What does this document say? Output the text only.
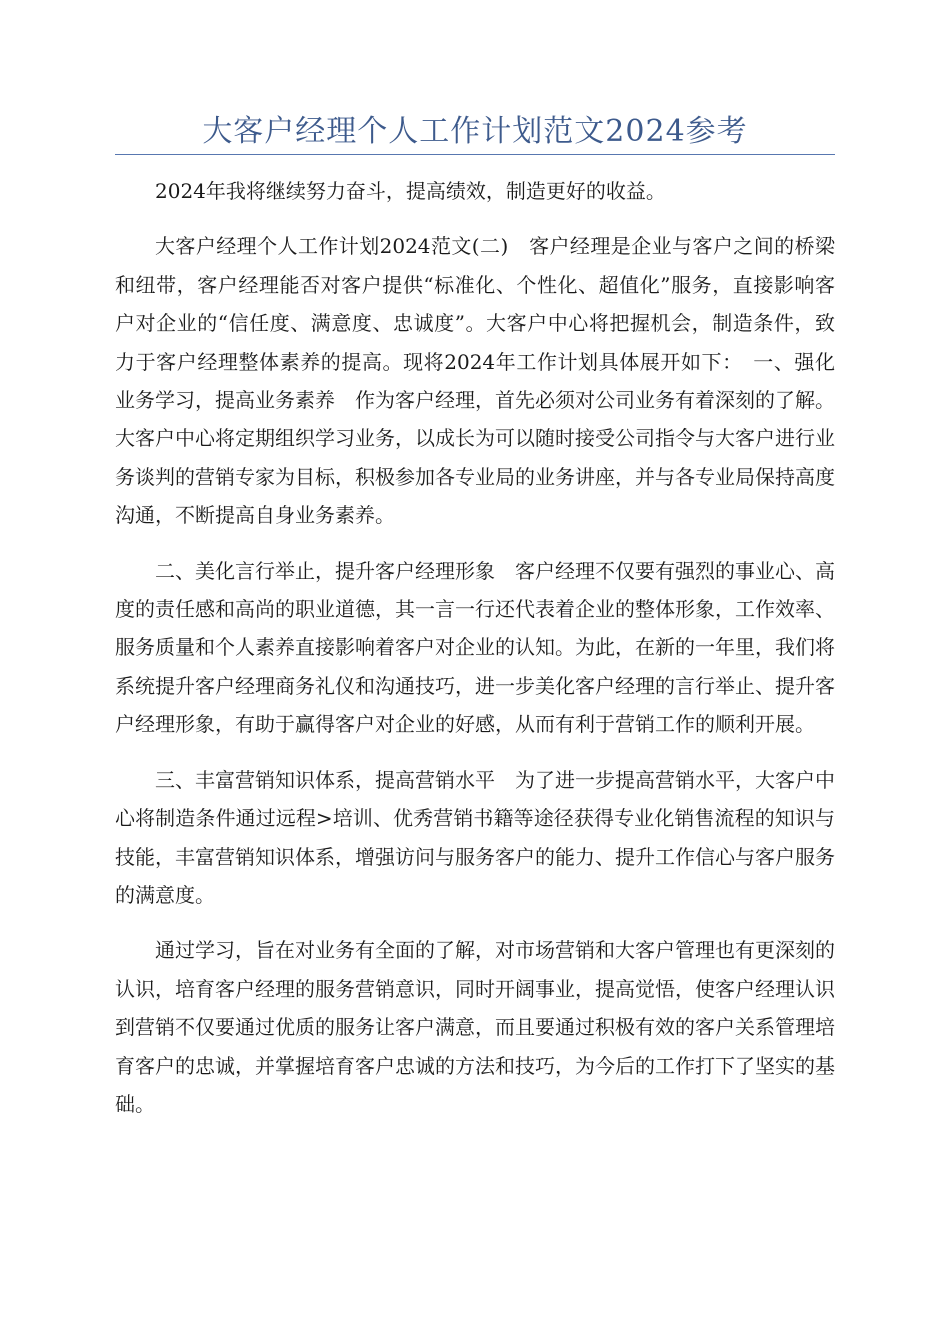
大客户经理个人工作计划范文2024参考

2024年我将继续努力奋斗，提高绩效，制造更好的收益。

大客户经理个人工作计划2024范文(二)　客户经理是企业与客户之间的桥梁和纽带，客户经理能否对客户提供“标准化、个性化、超值化”服务，直接影响客户对企业的“信任度、满意度、忠诚度”。大客户中心将把握机会，制造条件，致力于客户经理整体素养的提高。现将2024年工作计划具体展开如下：　一、强化业务学习，提高业务素养　作为客户经理，首先必须对公司业务有着深刻的了解。大客户中心将定期组织学习业务，以成长为可以随时接受公司指令与大客户进行业务谈判的营销专家为目标，积极参加各专业局的业务讲座，并与各专业局保持高度沟通，不断提高自身业务素养。

二、美化言行举止，提升客户经理形象　客户经理不仅要有强烈的事业心、高度的责任感和高尚的职业道德，其一言一行还代表着企业的整体形象，工作效率、服务质量和个人素养直接影响着客户对企业的认知。为此，在新的一年里，我们将系统提升客户经理商务礼仪和沟通技巧，进一步美化客户经理的言行举止、提升客户经理形象，有助于赢得客户对企业的好感，从而有利于营销工作的顺利开展。

三、丰富营销知识体系，提高营销水平　为了进一步提高营销水平，大客户中心将制造条件通过远程>培训、优秀营销书籍等途径获得专业化销售流程的知识与技能，丰富营销知识体系，增强访问与服务客户的能力、提升工作信心与客户服务的满意度。

通过学习，旨在对业务有全面的了解，对市场营销和大客户管理也有更深刻的认识，培育客户经理的服务营销意识，同时开阔事业，提高觉悟，使客户经理认识到营销不仅要通过优质的服务让客户满意，而且要通过积极有效的客户关系管理培育客户的忠诚，并掌握培育客户忠诚的方法和技巧，为今后的工作打下了坚实的基础。
